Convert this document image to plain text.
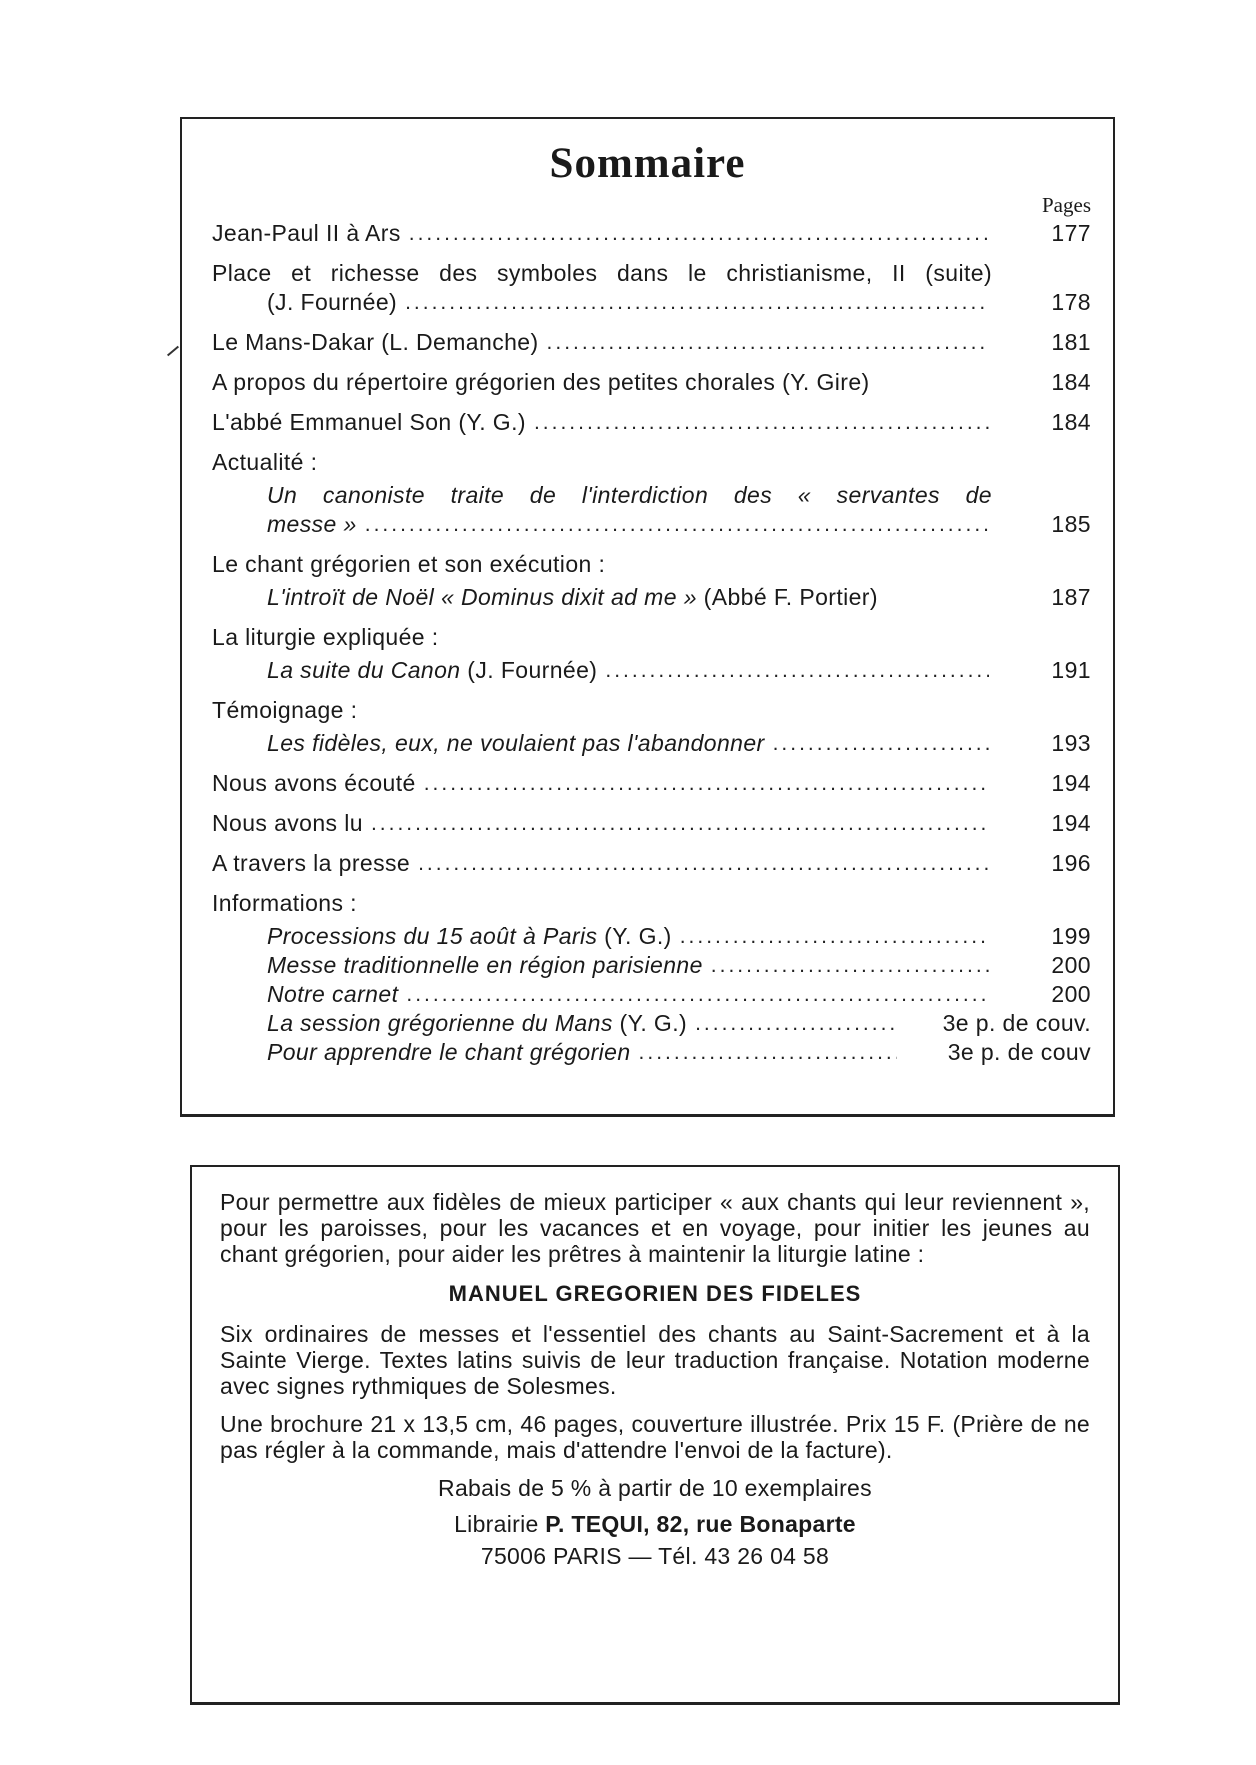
Sommaire
Pages
Jean-Paul II à Ars .....	177
Place et richesse des symboles dans le christianisme, II (suite)
(J. Fournée) .....	178
Le Mans-Dakar (L. Demanche) .....	181
A propos du répertoire grégorien des petites chorales (Y. Gire)	184
L'abbé Emmanuel Son (Y. G.) .....	184
Actualité :
Un canoniste traite de l'interdiction des « servantes de
messe » .....	185
Le chant grégorien et son exécution :
L'introït de Noël « Dominus dixit ad me » (Abbé F. Portier)	187
La liturgie expliquée :
La suite du Canon (J. Fournée) .....	191
Témoignage :
Les fidèles, eux, ne voulaient pas l'abandonner .....	193
Nous avons écouté .....	194
Nous avons lu .....	194
A travers la presse .....	196
Informations :
Processions du 15 août à Paris (Y. G.) .....	199
Messe traditionnelle en région parisienne .....	200
Notre carnet .....	200
La session grégorienne du Mans (Y. G.) .....	3e p. de couv.
Pour apprendre le chant grégorien .....	3e p. de couv

Pour permettre aux fidèles de mieux participer « aux chants qui leur reviennent », pour les paroisses, pour les vacances et en voyage, pour initier les jeunes au chant grégorien, pour aider les prêtres à maintenir la liturgie latine :

MANUEL GREGORIEN DES FIDELES

Six ordinaires de messes et l'essentiel des chants au Saint-Sacrement et à la Sainte Vierge. Textes latins suivis de leur traduction française. Notation moderne avec signes rythmiques de Solesmes.

Une brochure 21 x 13,5 cm, 46 pages, couverture illustrée. Prix 15 F. (Prière de ne pas régler à la commande, mais d'attendre l'envoi de la facture).

Rabais de 5 % à partir de 10 exemplaires
Librairie P. TEQUI, 82, rue Bonaparte
75006 PARIS — Tél. 43 26 04 58
